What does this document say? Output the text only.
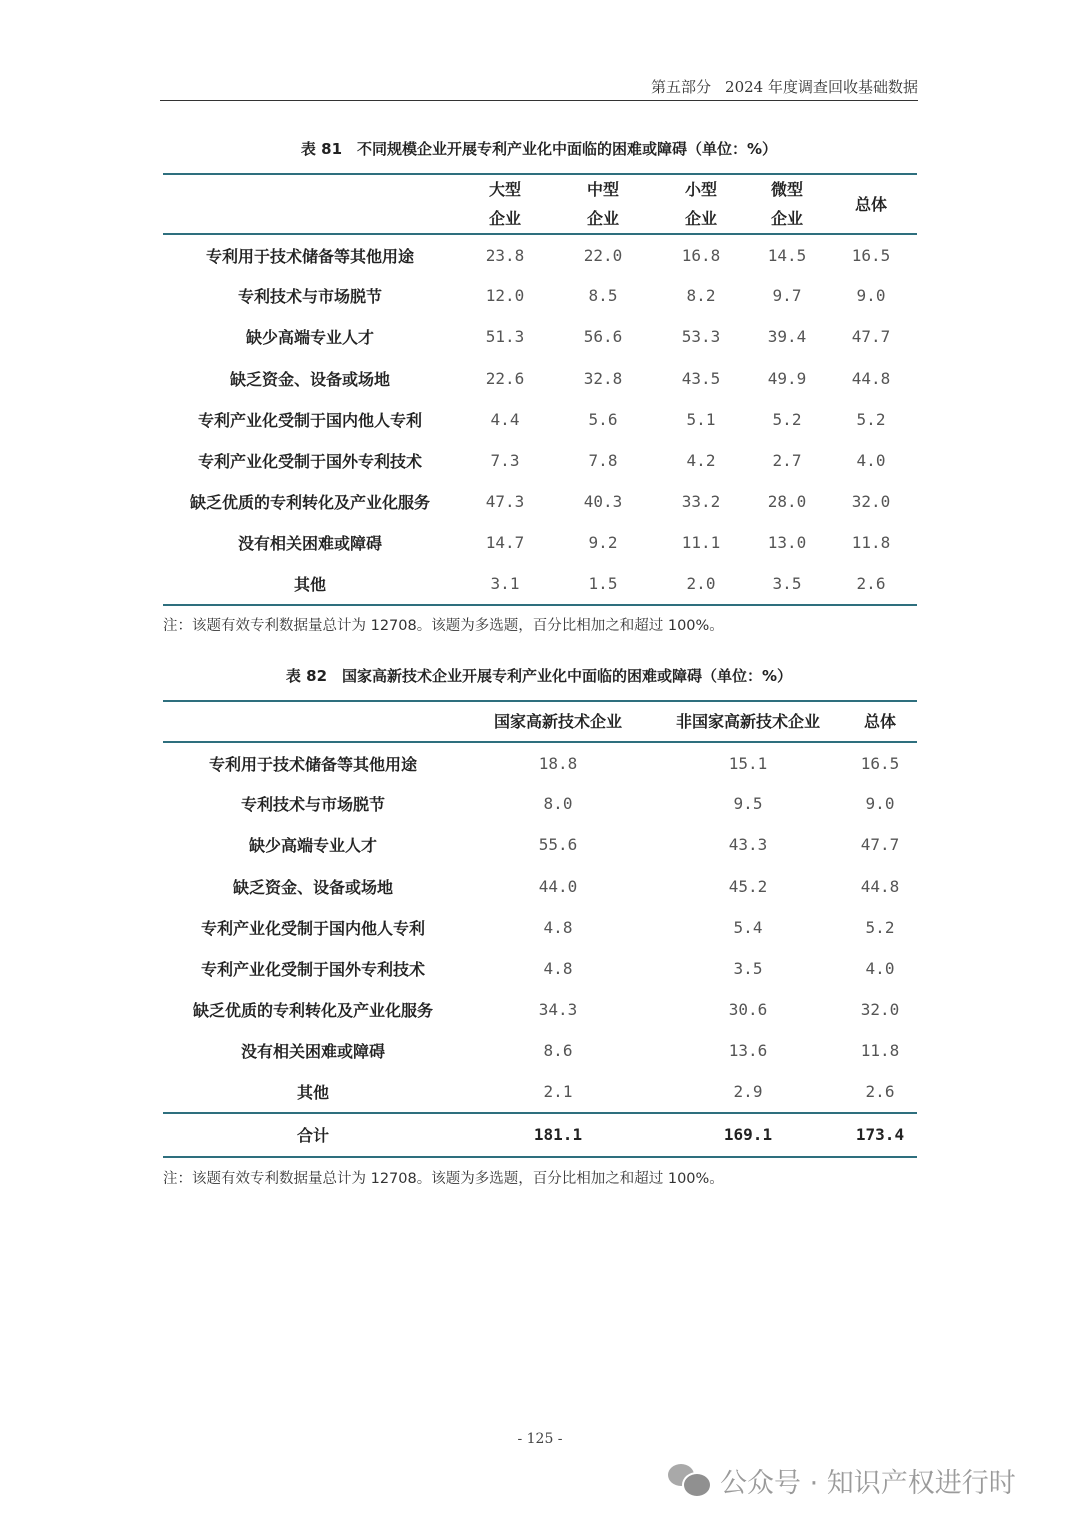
第五部分 2024 年度调查回收基础数据
表 81　不同规模企业开展专利产业化中面临的困难或障碍（单位：%）
	大型	中型	小型	微型	总体
	企业	企业	企业	企业	
专利用于技术储备等其他用途	23.8	22.0	16.8	14.5	16.5
专利技术与市场脱节	12.0	8.5	8.2	9.7	9.0
缺少高端专业人才	51.3	56.6	53.3	39.4	47.7
缺乏资金、设备或场地	22.6	32.8	43.5	49.9	44.8
专利产业化受制于国内他人专利	4.4	5.6	5.1	5.2	5.2
专利产业化受制于国外专利技术	7.3	7.8	4.2	2.7	4.0
缺乏优质的专利转化及产业化服务	47.3	40.3	33.2	28.0	32.0
没有相关困难或障碍	14.7	9.2	11.1	13.0	11.8
其他	3.1	1.5	2.0	3.5	2.6
注：该题有效专利数据量总计为 12708。该题为多选题，百分比相加之和超过 100%。
表 82　国家高新技术企业开展专利产业化中面临的困难或障碍（单位：%）
	国家高新技术企业	非国家高新技术企业	总体
专利用于技术储备等其他用途	18.8	15.1	16.5
专利技术与市场脱节	8.0	9.5	9.0
缺少高端专业人才	55.6	43.3	47.7
缺乏资金、设备或场地	44.0	45.2	44.8
专利产业化受制于国内他人专利	4.8	5.4	5.2
专利产业化受制于国外专利技术	4.8	3.5	4.0
缺乏优质的专利转化及产业化服务	34.3	30.6	32.0
没有相关困难或障碍	8.6	13.6	11.8
其他	2.1	2.9	2.6
合计	181.1	169.1	173.4
注：该题有效专利数据量总计为 12708。该题为多选题，百分比相加之和超过 100%。
- 125 -
公众号 · 知识产权进行时
